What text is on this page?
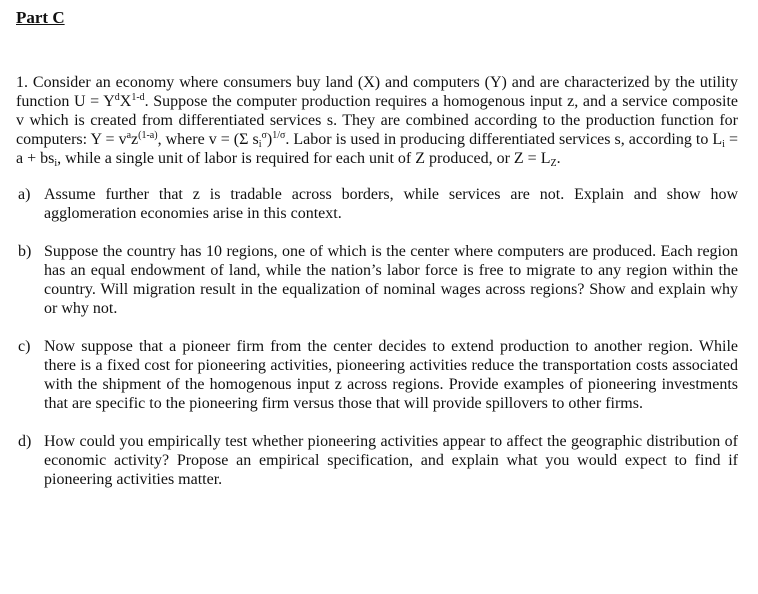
Part C
1. Consider an economy where consumers buy land (X) and computers (Y) and are characterized by the utility function $U = Y^dX^{1-d}$. Suppose the computer production requires a homogenous input z, and a service composite v which is created from differentiated services s. They are combined according to the production function for computers: $Y = v^az^{(1-a)}$, where v = (Σ $s_i^\sigma)^{1/\sigma}$. Labor is used in producing differentiated services s, according to $L_i = a + bs_i$, while a single unit of labor is required for each unit of Z produced, or $Z = L_Z$.
a) Assume further that z is tradable across borders, while services are not. Explain and show how agglomeration economies arise in this context.
b) Suppose the country has 10 regions, one of which is the center where computers are produced. Each region has an equal endowment of land, while the nation’s labor force is free to migrate to any region within the country. Will migration result in the equalization of nominal wages across regions? Show and explain why or why not.
c) Now suppose that a pioneer firm from the center decides to extend production to another region. While there is a fixed cost for pioneering activities, pioneering activities reduce the transportation costs associated with the shipment of the homogenous input z across regions. Provide examples of pioneering investments that are specific to the pioneering firm versus those that will provide spillovers to other firms.
d) How could you empirically test whether pioneering activities appear to affect the geographic distribution of economic activity? Propose an empirical specification, and explain what you would expect to find if pioneering activities matter.
